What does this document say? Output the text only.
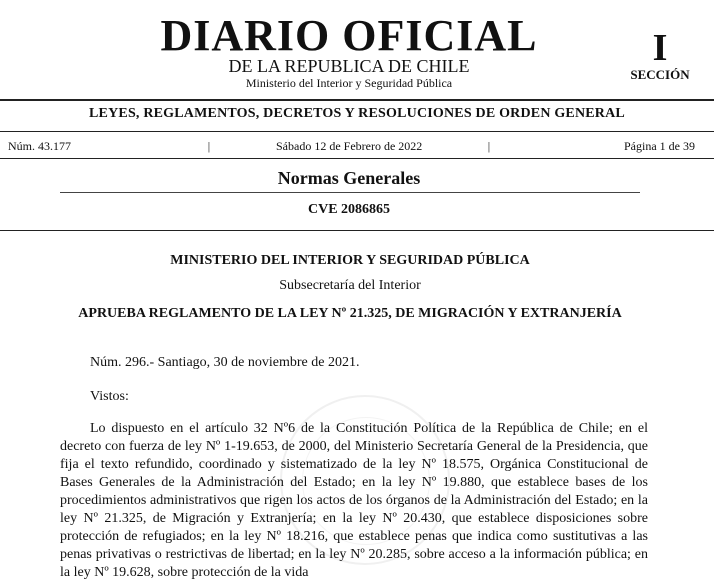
DIARIO OFICIAL
DE LA REPUBLICA DE CHILE
Ministerio del Interior y Seguridad Pública
I
SECCIÓN
LEYES, REGLAMENTOS, DECRETOS Y RESOLUCIONES DE ORDEN GENERAL
Núm. 43.177	|	Sábado 12 de Febrero de 2022	|	Página 1 de 39
Normas Generales
CVE 2086865
MINISTERIO DEL INTERIOR Y SEGURIDAD PÚBLICA
Subsecretaría del Interior
APRUEBA REGLAMENTO DE LA LEY Nº 21.325, DE MIGRACIÓN Y EXTRANJERÍA
Núm. 296.- Santiago, 30 de noviembre de 2021.
Vistos:

Lo dispuesto en el artículo 32 Nº6 de la Constitución Política de la República de Chile; en el decreto con fuerza de ley Nº 1-19.653, de 2000, del Ministerio Secretaría General de la Presidencia, que fija el texto refundido, coordinado y sistematizado de la ley Nº 18.575, Orgánica Constitucional de Bases Generales de la Administración del Estado; en la ley Nº 19.880, que establece bases de los procedimientos administrativos que rigen los actos de los órganos de la Administración del Estado; en la ley Nº 21.325, de Migración y Extranjería; en la ley Nº 20.430, que establece disposiciones sobre protección de refugiados; en la ley Nº 18.216, que establece penas que indica como sustitutivas a las penas privativas o restrictivas de libertad; en la ley Nº 20.285, sobre acceso a la información pública; en la ley Nº 19.628, sobre protección de la vida
